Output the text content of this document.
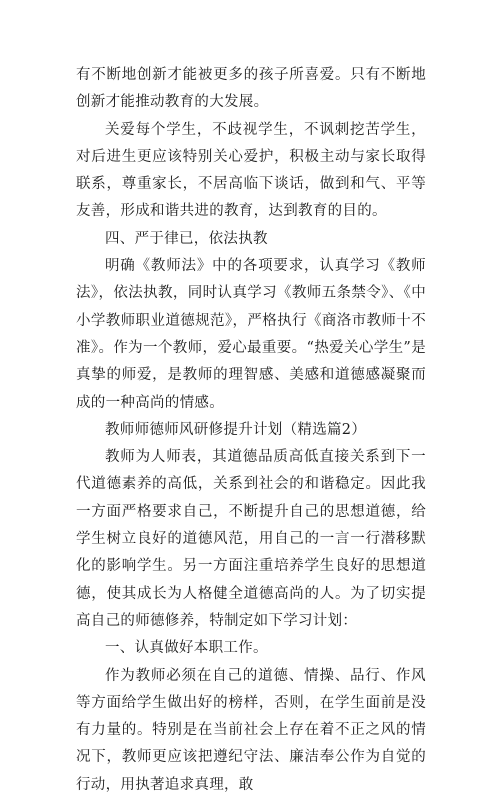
有不断地创新才能被更多的孩子所喜爱。只有不断地创新才能推动教育的大发展。

关爱每个学生，不歧视学生，不讽刺挖苦学生，对后进生更应该特别关心爱护，积极主动与家长取得联系，尊重家长，不居高临下谈话，做到和气、平等友善，形成和谐共进的教育，达到教育的目的。

四、严于律已，依法执教

明确《教师法》中的各项要求，认真学习《教师法》，依法执教，同时认真学习《教师五条禁令》、《中小学教师职业道德规范》，严格执行《商洛市教师十不准》。作为一个教师，爱心最重要。“热爱关心学生”是真挚的师爱，是教师的理智感、美感和道德感凝聚而成的一种高尚的情感。

教师师德师风研修提升计划（精选篇2）

教师为人师表，其道德品质高低直接关系到下一代道德素养的高低，关系到社会的和谐稳定。因此我一方面严格要求自己，不断提升自己的思想道德，给学生树立良好的道德风范，用自己的一言一行潜移默化的影响学生。另一方面注重培养学生良好的思想道德，使其成长为人格健全道德高尚的人。为了切实提高自己的师德修养，特制定如下学习计划：

一、认真做好本职工作。

作为教师必须在自己的道德、情操、品行、作风等方面给学生做出好的榜样，否则，在学生面前是没有力量的。特别是在当前社会上存在着不正之风的情况下，教师更应该把遵纪守法、廉洁奉公作为自觉的行动，用执著追求真理，敢
